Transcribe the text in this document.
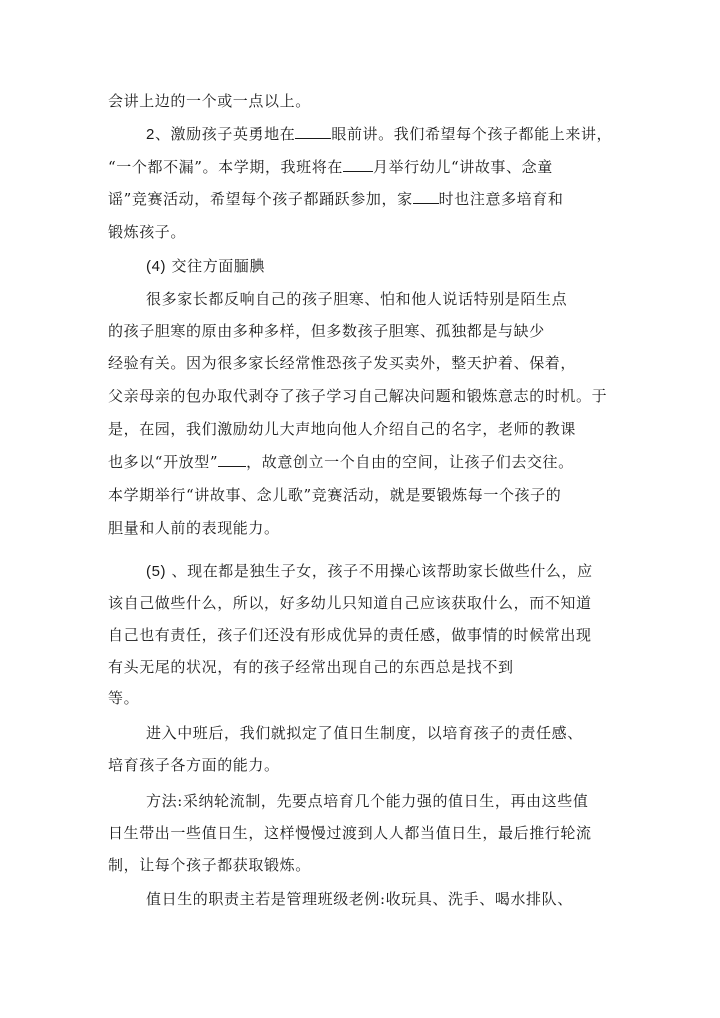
会讲上边的一个或一点以上。
2、激励孩子英勇地在 眼前讲。我们希望每个孩子都能上来讲，
“一个都不漏”。本学期，我班将在 月举行幼儿“讲故事、念童
谣”竞赛活动，希望每个孩子都踊跃参加，家 时也注意多培育和
锻炼孩子。
(4) 交往方面腼腆
很多家长都反响自己的孩子胆寒、怕和他人说话特别是陌生点
的孩子胆寒的原由多种多样，但多数孩子胆寒、孤独都是与缺少
经验有关。因为很多家长经常惟恐孩子发买卖外，整天护着、保着，
父亲母亲的包办取代剥夺了孩子学习自己解决问题和锻炼意志的时机。于
是，在园，我们激励幼儿大声地向他人介绍自己的名字，老师的教课
也多以“开放型” ，故意创立一个自由的空间，让孩子们去交往。
本学期举行“讲故事、念儿歌”竞赛活动，就是要锻炼每一个孩子的
胆量和人前的表现能力。
(5) 、现在都是独生子女，孩子不用操心该帮助家长做些什么，应
该自己做些什么，所以，好多幼儿只知道自己应该获取什么，而不知道
自己也有责任，孩子们还没有形成优异的责任感，做事情的时候常出现
有头无尾的状况，有的孩子经常出现自己的东西总是找不到
等。
进入中班后，我们就拟定了值日生制度，以培育孩子的责任感、
培育孩子各方面的能力。
方法:采纳轮流制，先要点培育几个能力强的值日生，再由这些值
日生带出一些值日生，这样慢慢过渡到人人都当值日生，最后推行轮流
制，让每个孩子都获取锻炼。
值日生的职责主若是管理班级老例:收玩具、洗手、喝水排队、
